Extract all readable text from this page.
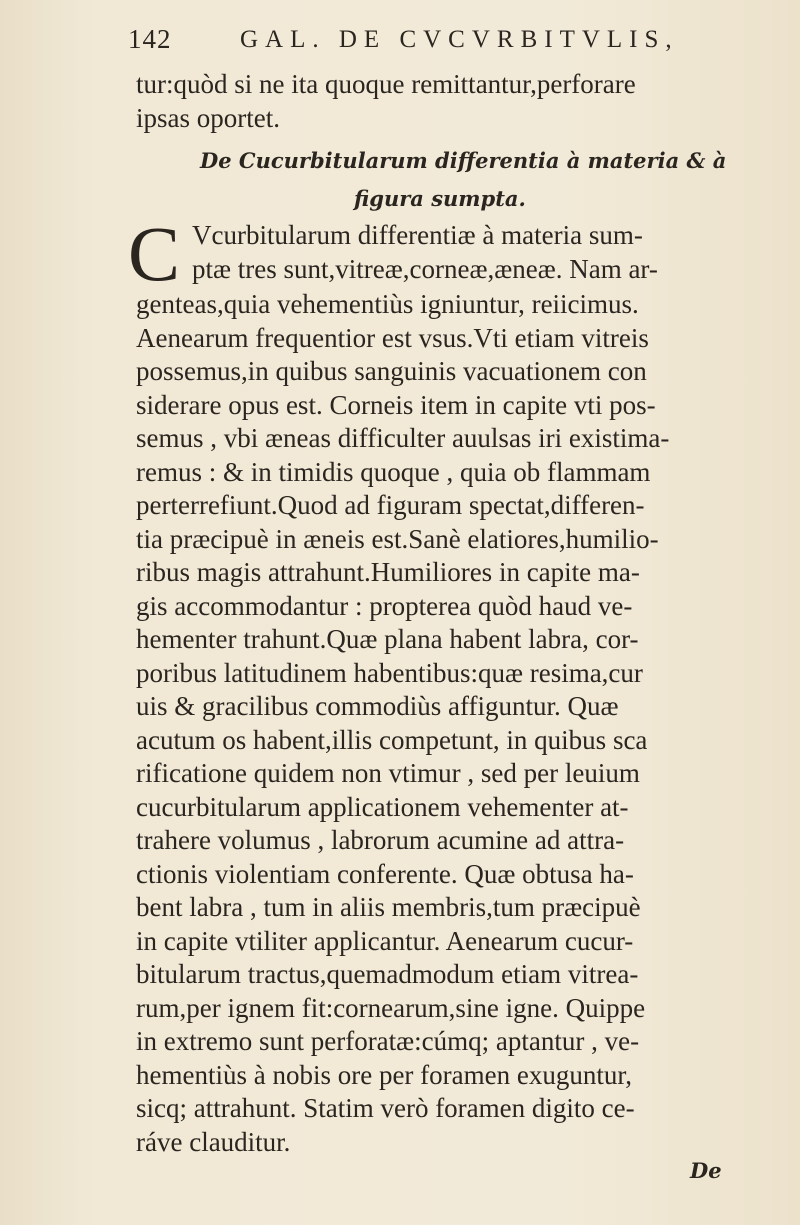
142	GAL. DE CVCVRBITVLIS,
tur:quòd si ne ita quoque remittantur,perforare
ipsas oportet.
De Cucurbitularum differentia à materia & à
figura sumpta.
C Vcurbitularum differentiæ à materia sum-
ptæ tres sunt,vitreæ,corneæ,æneæ. Nam ar-
genteas,quia vehementiùs igniuntur, reiicimus.
Aenearum frequentior est vsus.Vti etiam vitreis
possemus,in quibus sanguinis vacuationem con
siderare opus est. Corneis item in capite vti pos-
semus , vbi æneas difficulter auulsas iri existima-
remus : & in timidis quoque , quia ob flammam
perterrefiunt.Quod ad figuram spectat,differen-
tia præcipuè in æneis est.Sanè elatiores,humilio-
ribus magis attrahunt.Humiliores in capite ma-
gis accommodantur : propterea quòd haud ve-
hementer trahunt.Quæ plana habent labra, cor-
poribus latitudinem habentibus:quæ resima,cur
uis & gracilibus commodiùs affiguntur. Quæ
acutum os habent,illis competunt, in quibus sca
rificatione quidem non vtimur , sed per leuium
cucurbitularum applicationem vehementer at-
trahere volumus , labrorum acumine ad attra-
ctionis violentiam conferente. Quæ obtusa ha-
bent labra , tum in aliis membris,tum præcipuè
in capite vtiliter applicantur. Aenearum cucur-
bitularum tractus,quemadmodum etiam vitrea-
rum,per ignem fit:cornearum,sine igne. Quippe
in extremo sunt perforatæ:cúmq; aptantur , ve-
hementiùs à nobis ore per foramen exuguntur,
sicq; attrahunt. Statim verò foramen digito ce-
ráve clauditur.
De
